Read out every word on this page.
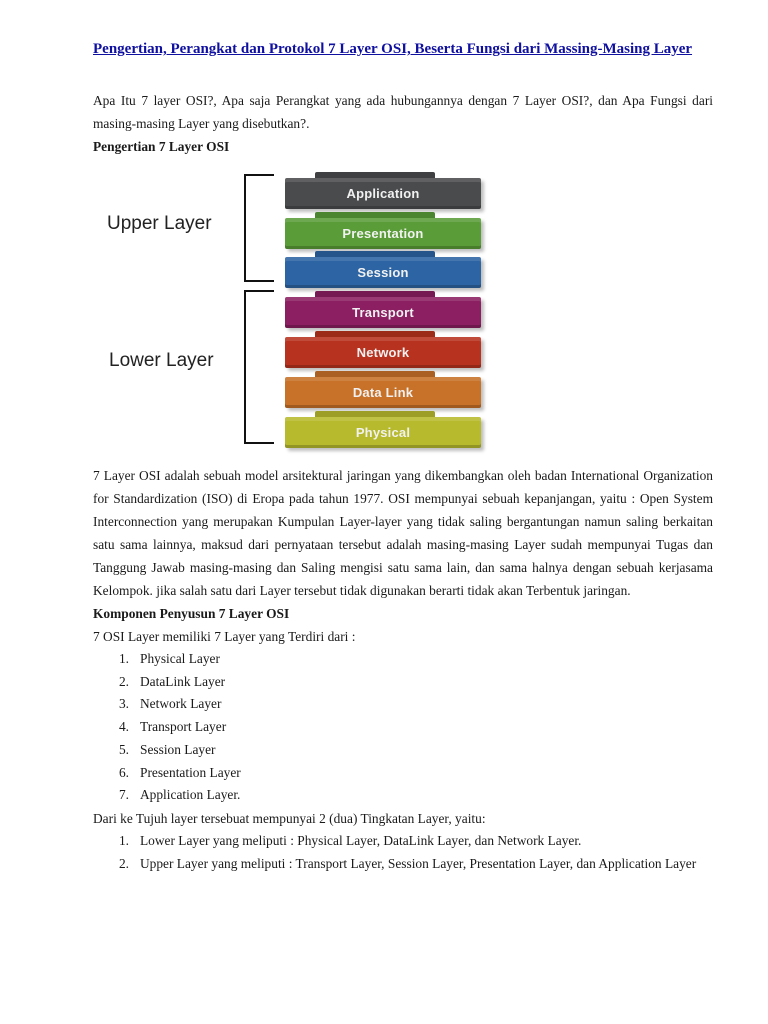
Pengertian, Perangkat dan Protokol 7 Layer OSI, Beserta Fungsi dari Massing-Masing Layer

Apa Itu 7 layer OSI?, Apa saja Perangkat yang ada hubungannya dengan 7 Layer OSI?, dan Apa Fungsi dari masing-masing Layer yang disebutkan?.

Pengertian 7 Layer OSI

Upper Layer
Lower Layer
Application
Presentation
Session
Transport
Network
Data Link
Physical

7 Layer OSI adalah sebuah model arsitektural jaringan yang dikembangkan oleh badan International Organization for Standardization (ISO) di Eropa pada tahun 1977. OSI mempunyai sebuah kepanjangan, yaitu : Open System Interconnection yang merupakan Kumpulan Layer-layer yang tidak saling bergantungan namun saling berkaitan satu sama lainnya, maksud dari pernyataan tersebut adalah masing-masing Layer sudah mempunyai Tugas dan Tanggung Jawab masing-masing dan Saling mengisi satu sama lain, dan sama halnya dengan sebuah kerjasama Kelompok. jika salah satu dari Layer tersebut tidak digunakan berarti tidak akan Terbentuk jaringan.

Komponen Penyusun 7 Layer OSI

7 OSI Layer memiliki 7 Layer yang Terdiri dari :

1. Physical Layer
2. DataLink Layer
3. Network Layer
4. Transport Layer
5. Session Layer
6. Presentation Layer
7. Application Layer.

Dari ke Tujuh layer tersebuat mempunyai 2 (dua) Tingkatan Layer, yaitu:

1. Lower Layer yang meliputi : Physical Layer, DataLink Layer, dan Network Layer.
2. Upper Layer yang meliputi : Transport Layer, Session Layer, Presentation Layer, dan Application Layer
